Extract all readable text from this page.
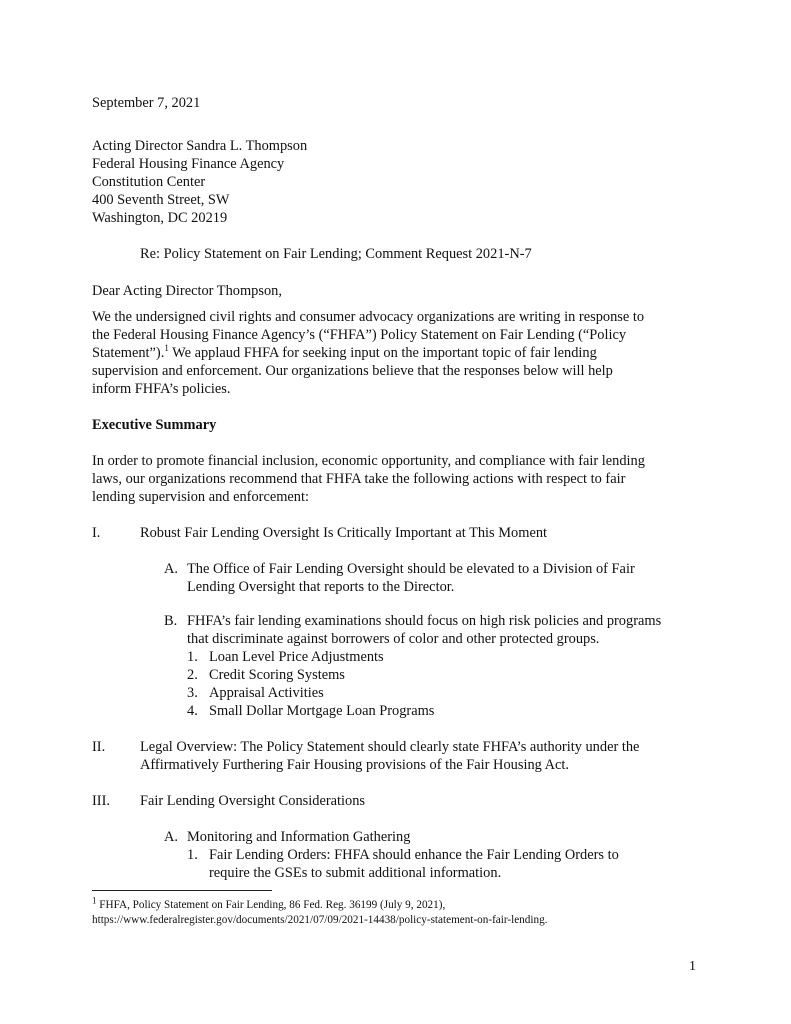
September 7, 2021
Acting Director Sandra L. Thompson
Federal Housing Finance Agency
Constitution Center
400 Seventh Street, SW
Washington, DC 20219
Re: Policy Statement on Fair Lending; Comment Request 2021-N-7
Dear Acting Director Thompson,
We the undersigned civil rights and consumer advocacy organizations are writing in response to
the Federal Housing Finance Agency’s (“FHFA”) Policy Statement on Fair Lending (“Policy
Statement”).$^1$ We applaud FHFA for seeking input on the important topic of fair lending
supervision and enforcement. Our organizations believe that the responses below will help
inform FHFA’s policies.
Executive Summary
In order to promote financial inclusion, economic opportunity, and compliance with fair lending
laws, our organizations recommend that FHFA take the following actions with respect to fair
lending supervision and enforcement:
I.	Robust Fair Lending Oversight Is Critically Important at This Moment
A. The Office of Fair Lending Oversight should be elevated to a Division of Fair
Lending Oversight that reports to the Director.
B. FHFA’s fair lending examinations should focus on high risk policies and programs
that discriminate against borrowers of color and other protected groups.
1. Loan Level Price Adjustments
2. Credit Scoring Systems
3. Appraisal Activities
4. Small Dollar Mortgage Loan Programs
II. Legal Overview: The Policy Statement should clearly state FHFA’s authority under the
Affirmatively Furthering Fair Housing provisions of the Fair Housing Act.
III. Fair Lending Oversight Considerations
A. Monitoring and Information Gathering
1. Fair Lending Orders: FHFA should enhance the Fair Lending Orders to
require the GSEs to submit additional information.
$^1$ FHFA, Policy Statement on Fair Lending, 86 Fed. Reg. 36199 (July 9, 2021),
https://www.federalregister.gov/documents/2021/07/09/2021-14438/policy-statement-on-fair-lending.
1
